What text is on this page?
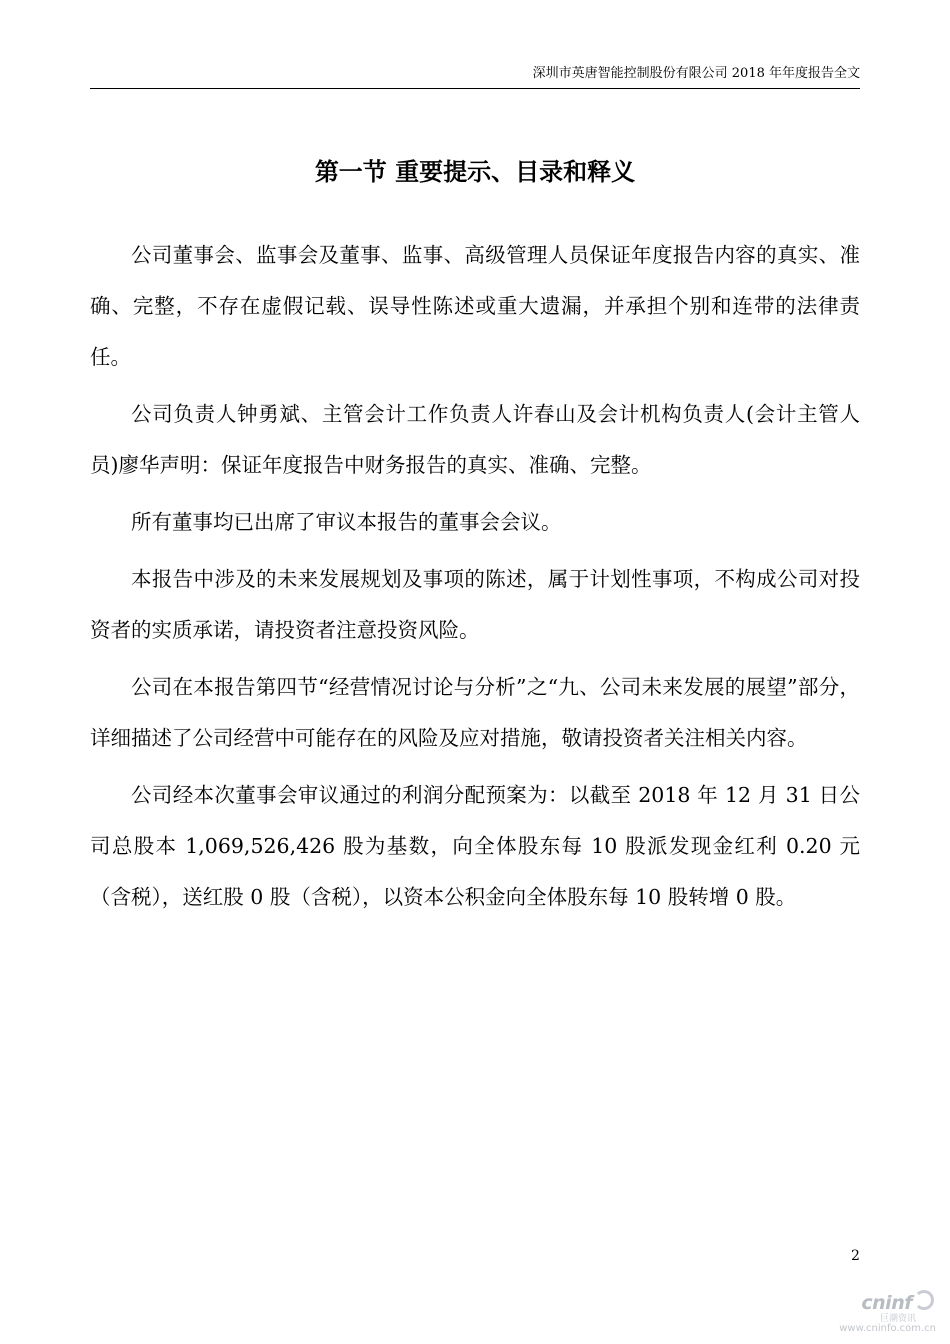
深圳市英唐智能控制股份有限公司 2018 年年度报告全文
第一节 重要提示、目录和释义

公司董事会、监事会及董事、监事、高级管理人员保证年度报告内容的真实、准确、完整，不存在虚假记载、误导性陈述或重大遗漏，并承担个别和连带的法律责任。

公司负责人钟勇斌、主管会计工作负责人许春山及会计机构负责人(会计主管人员)廖华声明：保证年度报告中财务报告的真实、准确、完整。

所有董事均已出席了审议本报告的董事会会议。

本报告中涉及的未来发展规划及事项的陈述，属于计划性事项，不构成公司对投资者的实质承诺，请投资者注意投资风险。

公司在本报告第四节“经营情况讨论与分析”之“九、公司未来发展的展望”部分，详细描述了公司经营中可能存在的风险及应对措施，敬请投资者关注相关内容。

公司经本次董事会审议通过的利润分配预案为：以截至 2018 年 12 月 31 日公司总股本 1,069,526,426 股为基数，向全体股东每 10 股派发现金红利 0.20 元（含税），送红股 0 股（含税），以资本公积金向全体股东每 10 股转增 0 股。

2
cninf
巨潮资讯
www.cninfo.com.cn
